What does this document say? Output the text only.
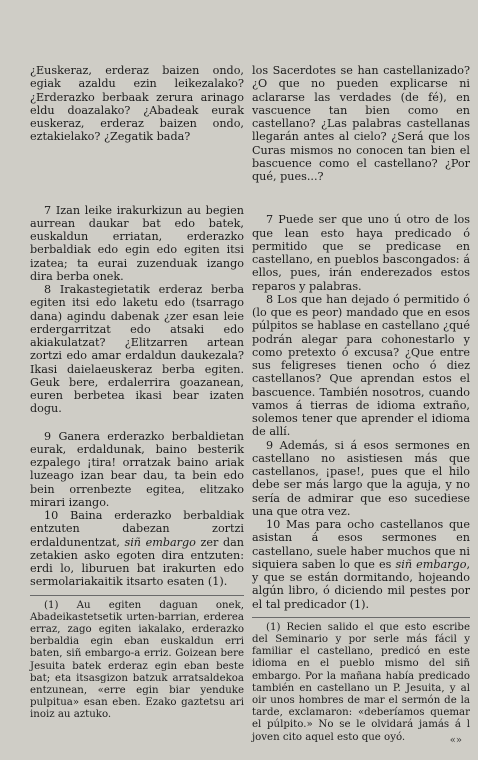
¿Euskeraz, erderaz baizen ondo, egiak azaldu ezin leikezalako? ¿Erderazko berbaak zerura arinago eldu doazalako? ¿Abadeak eurak euskeraz, erderaz baizen ondo, eztakielako? ¿Zegatik bada?

7 Izan leike irakurkizun au begien aurrean daukar bat edo batek, euskaldun erriatan, erderazko berbaldiak edo egin edo egiten itsi izatea; ta eurai zuzenduak izango dira berba onek.

8 Irakastegietatik erderaz berba egiten itsi edo laketu edo (tsarrago dana) agindu dabenak ¿zer esan leie erdergarritzat edo atsaki edo akiakulatzat? ¿Elitzarren artean zortzi edo amar erdaldun daukezala? Ikasi daielaeuskeraz berba egiten. Geuk bere, erdalerrira goazanean, euren berbetea ikasi bear izaten dogu.

9 Ganera erderazko berbaldietan eurak, erdaldunak, baino besterik ezpalego ¡tira! orratzak baino ariak luzeago izan bear dau, ta bein edo bein orrenbezte egitea, elitzako mirari izango.

10 Baina erderazko berbaldiak entzuten dabezan zortzi erdaldunentzat, siñ embargo zer dan zetakien asko egoten dira entzuten: erdi lo, liburuen bat irakurten edo sermolariakaitik itsarto esaten (1).

(1) Au egiten daguan onek, Abadeikastetsetik urten-barrian, erderea erraz, zago egiten iakalako, erderazko berbaldia egin eban euskaldun erri baten, siñ embargo-a erriz. Goizean bere Jesuita batek erderaz egin eban beste bat; eta itsasgizon batzuk arratsaldekoa entzunean, «erre egin biar yenduke pulpitua» esan eben. Ezako gaztetsu ari inoiz au aztuko.

los Sacerdotes se han castellanizado? ¿O que no pueden explicarse ni aclararse las verdades (de fé), en vascuence tan bien como en castellano? ¿Las palabras castellanas llegarán antes al cielo? ¿Será que los Curas mismos no conocen tan bien el bascuence como el castellano? ¿Por qué, pues...?

7 Puede ser que uno ú otro de los que lean esto haya predicado ó permitido que se predicase en castellano, en pueblos bascongados: á ellos, pues, irán enderezados estos reparos y palabras.

8 Los que han dejado ó permitido ó (lo que es peor) mandado que en esos púlpitos se hablase en castellano ¿qué podrán alegar para cohonestarlo y como pretexto ó excusa? ¿Que entre sus feligreses tienen ocho ó diez castellanos? Que aprendan estos el bascuence. También nosotros, cuando vamos á tierras de idioma extraño, solemos tener que aprender el idioma de allí.

9 Además, si á esos sermones en castellano no asistiesen más que castellanos, ¡pase!, pues que el hilo debe ser más largo que la aguja, y no sería de admirar que eso sucediese una que otra vez.

10 Mas para ocho castellanos que asistan á esos sermones en castellano, suele haber muchos que ni siquiera saben lo que es siñ embargo, y que se están dormitando, hojeando algún libro, ó diciendo mil pestes por el tal predicador (1).

(1) Recien salido el que esto escribe del Seminario y por serle más fácil y familiar el castellano, predicó en este idioma en el pueblo mismo del siñ embargo. Por la mañana había predicado también en castellano un P. Jesuita, y al oir unos hombres de mar el sermón de la tarde, exclamaron: «deberíamos quemar el púlpito.» No se le olvidará jamás á l joven cito aquel esto que oyó.	«»
